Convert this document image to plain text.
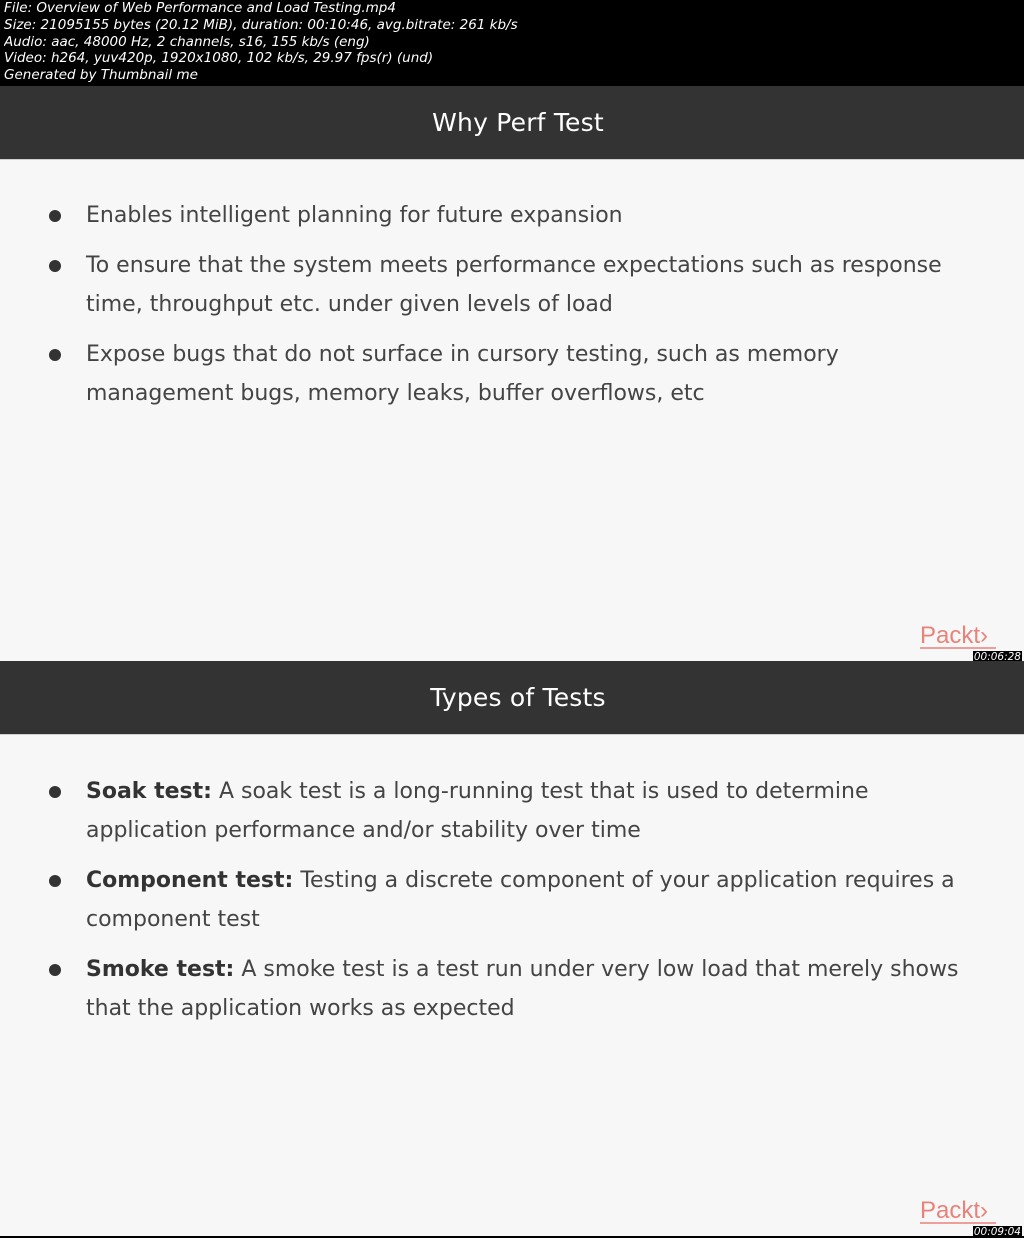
File: Overview of Web Performance and Load Testing.mp4
Size: 21095155 bytes (20.12 MiB), duration: 00:10:46, avg.bitrate: 261 kb/s
Audio: aac, 48000 Hz, 2 channels, s16, 155 kb/s (eng)
Video: h264, yuv420p, 1920x1080, 102 kb/s, 29.97 fps(r) (und)
Generated by Thumbnail me
Why Perf Test
Enables intelligent planning for future expansion
To ensure that the system meets performance expectations such as response time, throughput etc. under given levels of load
Expose bugs that do not surface in cursory testing, such as memory management bugs, memory leaks, buffer overflows, etc
Packt›
00:06:28
Types of Tests
Soak test: A soak test is a long-running test that is used to determine application performance and/or stability over time
Component test: Testing a discrete component of your application requires a component test
Smoke test: A smoke test is a test run under very low load that merely shows that the application works as expected
Packt›
00:09:04
